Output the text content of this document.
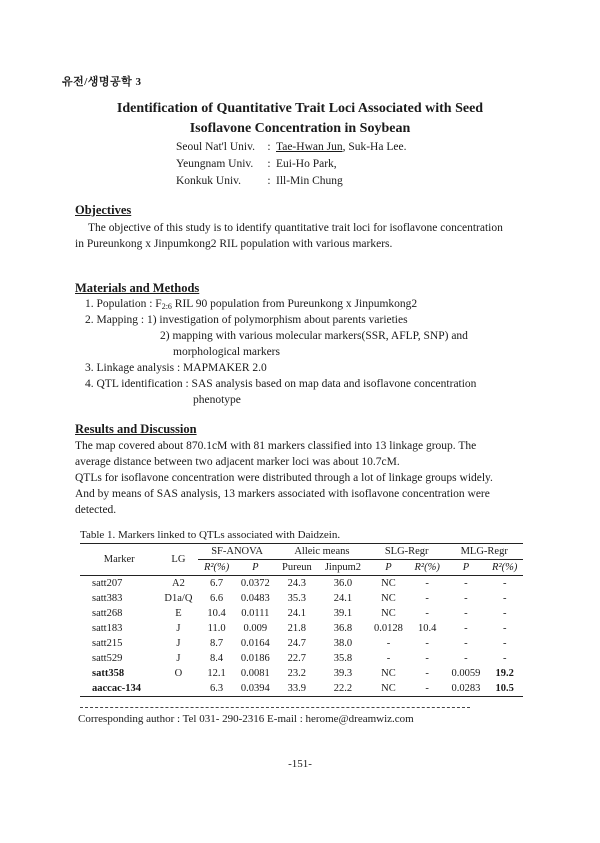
유전/생명공학 3
Identification of Quantitative Trait Loci Associated with Seed
Isoflavone Concentration in Soybean
Seoul Nat'l Univ. : Tae-Hwan Jun, Suk-Ha Lee.
Yeungnam Univ. : Eui-Ho Park,
Konkuk Univ. : Ill-Min Chung
Objectives
The objective of this study is to identify quantitative trait loci for isoflavone concentration
in Pureunkong x Jinpumkong2 RIL population with various markers.
Materials and Methods
1. Population : $F_{2:6}$ RIL 90 population from Pureunkong x Jinpumkong2
2. Mapping : 1) investigation of polymorphism about parents varieties
2) mapping with various molecular markers(SSR, AFLP, SNP) and
morphological markers
3. Linkage analysis : MAPMAKER 2.0
4. QTL identification : SAS analysis based on map data and isoflavone concentration
phenotype
Results and Discussion
The map covered about 870.1cM with 81 markers classified into 13 linkage group. The
average distance between two adjacent marker loci was about 10.7cM.
QTLs for isoflavone concentration were distributed through a lot of linkage groups widely.
And by means of SAS analysis, 13 markers associated with isoflavone concentration were
detected.
Table 1. Markers linked to QTLs associated with Daidzein.
Marker	LG	SF-ANOVA		Alleic means		SLG-Regr		MLG-Regr	
		R²(%)	P	Pureun	Jinpum2	P	R²(%)	P	R²(%)
satt207	A2	6.7	0.0372	24.3	36.0	NC	-	-	-
satt383	D1a/Q	6.6	0.0483	35.3	24.1	NC	-	-	-
satt268	E	10.4	0.0111	24.1	39.1	NC	-	-	-
satt183	J	11.0	0.009	21.8	36.8	0.0128	10.4	-	-
satt215	J	8.7	0.0164	24.7	38.0	-	-	-	-
satt529	J	8.4	0.0186	22.7	35.8	-	-	-	-
satt358	O	12.1	0.0081	23.2	39.3	NC	-	0.0059	19.2
aaccac-134		6.3	0.0394	33.9	22.2	NC	-	0.0283	10.5
Corresponding author : Tel 031- 290-2316 E-mail : herome@dreamwiz.com
-151-
